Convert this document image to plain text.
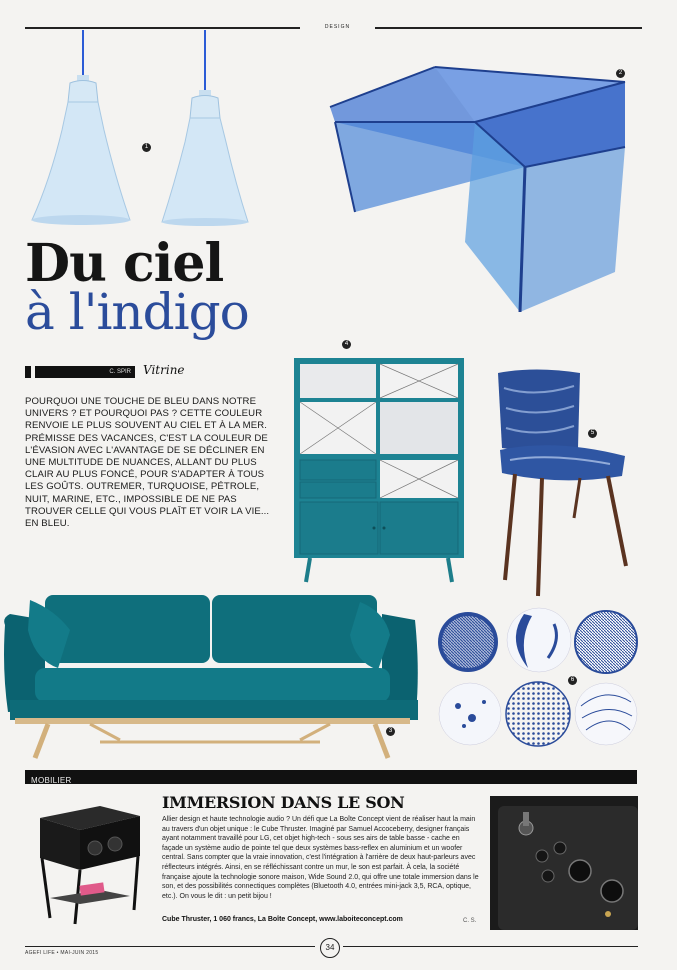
DESIGN
1
2
Du ciel
à l'indigo
C. SPIR	Vitrine
POURQUOI UNE TOUCHE DE BLEU DANS NOTRE UNIVERS ? ET POURQUOI PAS ? CETTE COULEUR RENVOIE LE PLUS SOUVENT AU CIEL ET À LA MER. PRÉMISSE DES VACANCES, C'EST LA COULEUR DE L'ÉVASION AVEC L'AVANTAGE DE SE DÉCLINER EN UNE MULTITUDE DE NUANCES, ALLANT DU PLUS CLAIR AU PLUS FONCÉ, POUR S'ADAPTER À TOUS LES GOÛTS. OUTREMER, TURQUOISE, PÉTROLE, NUIT, MARINE, ETC., IMPOSSIBLE DE NE PAS TROUVER CELLE QUI VOUS PLAÎT ET VOIR LA VIE... EN BLEU.
4
5
3
6
MOBILIER
IMMERSION DANS LE SON
Allier design et haute technologie audio ? Un défi que La Boîte Concept vient de réaliser haut la main au travers d'un objet unique : le Cube Thruster. Imaginé par Samuel Accoceberry, designer français ayant notamment travaillé pour LG, cet objet high-tech - sous ses airs de table basse - cache en façade un système audio de pointe tel que deux systèmes bass-reflex en aluminium et un woofer central. Sans compter que la vraie innovation, c'est l'intégration à l'arrière de deux haut-parleurs avec réflecteurs intégrés. Ainsi, en se réfléchissant contre un mur, le son est parfait. À cela, la société française ajoute la technologie sonore maison, Wide Sound 2.0, qui offre une totale immersion dans le son, et des possibilités connectiques complètes (Bluetooth 4.0, entrées mini-jack 3,5, RCA, optique, etc.). On vous le dit : un petit bijou !
Cube Thruster, 1 060 francs, La Boîte Concept, www.laboiteconcept.com	C. S.
AGEFI LIFE • MAI-JUIN 2015
34
